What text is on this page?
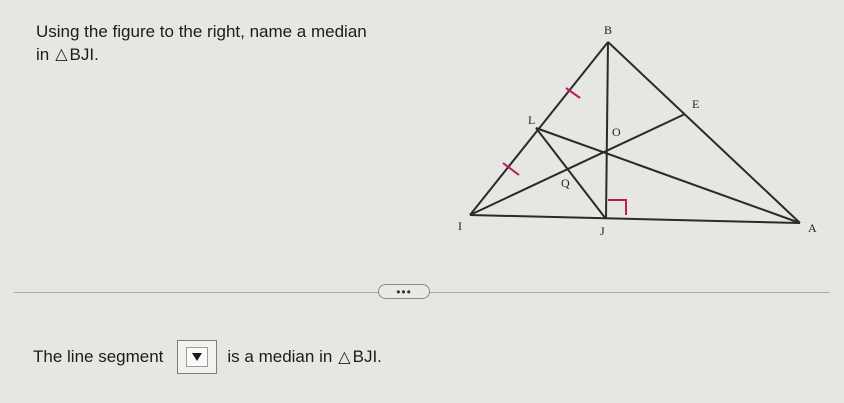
Using the figure to the right, name a median
in △ BJI.
B
E
L
O
Q
I	J	A
•••
The line segment	is a median in △ BJI.
